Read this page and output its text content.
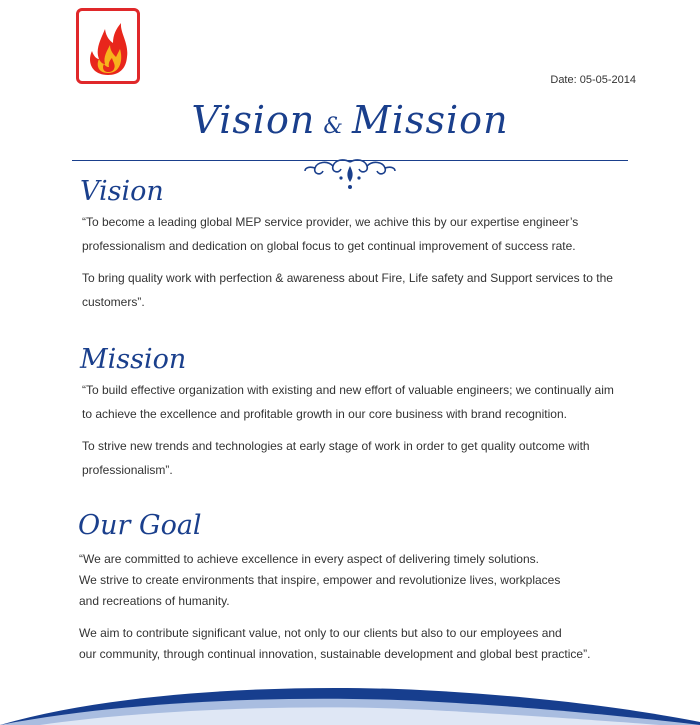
Date: 05-05-2014
Vision & Mission
Vision
“To become a leading global MEP service provider, we achive this by our expertise engineer’s
professionalism and dedication on global focus to get continual improvement of success rate.
To bring quality work with perfection & awareness about Fire, Life safety and Support services to the
customers”.
Mission
“To build effective organization with existing and new effort of valuable engineers; we continually aim
to achieve the excellence and profitable growth in our core business with brand recognition.
To strive new trends and technologies at early stage of work in order to get quality outcome with
professionalism”.
Our Goal
“We are committed to achieve excellence in every aspect of delivering timely solutions.
We strive to create environments that inspire, empower and revolutionize lives, workplaces
and recreations of humanity.
We aim to contribute significant value, not only to our clients but also to our employees and
our community, through continual innovation, sustainable development and global best practice”.
